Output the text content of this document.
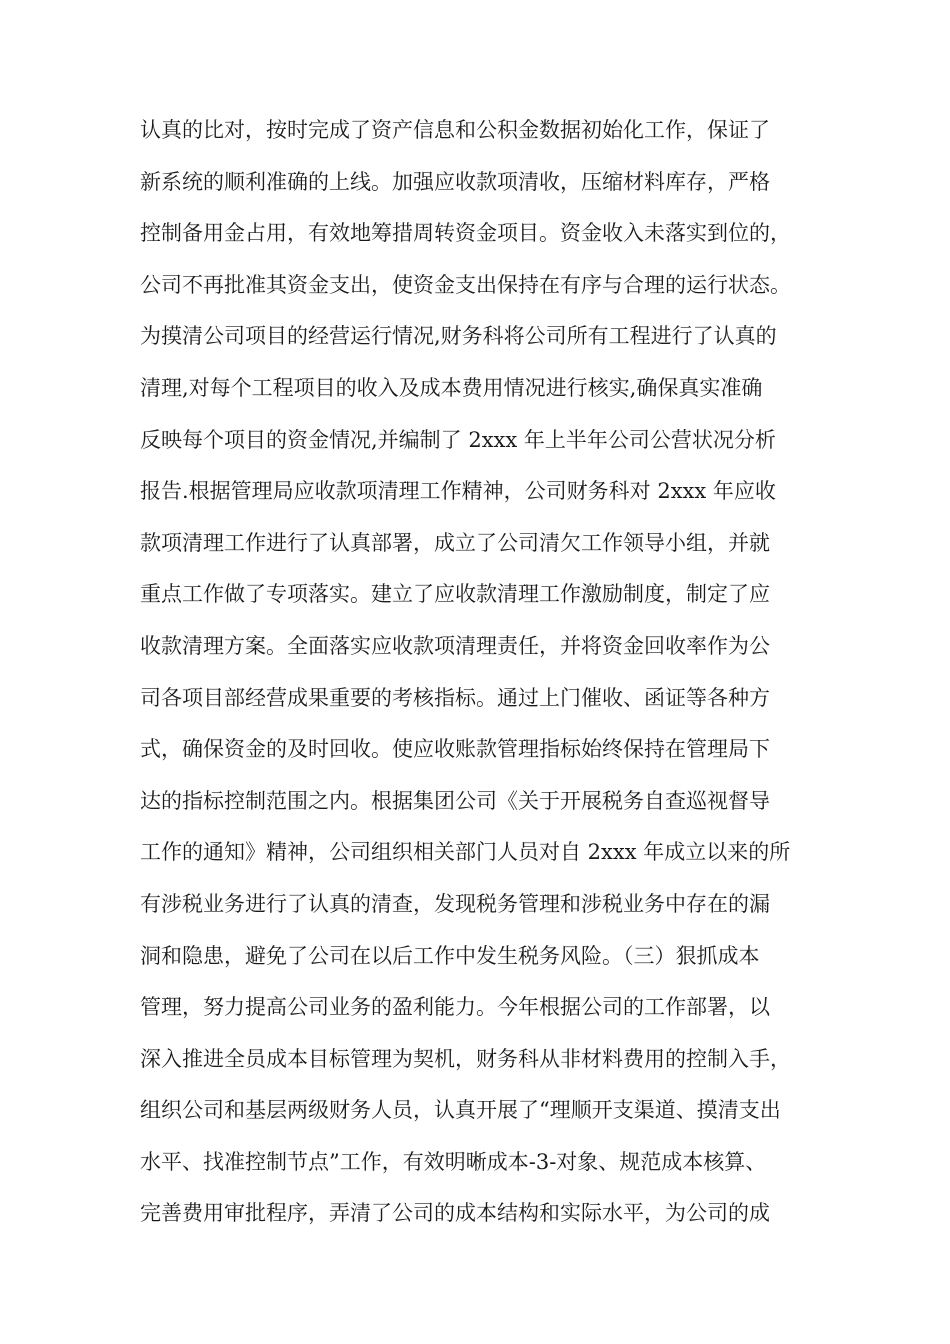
认真的比对，按时完成了资产信息和公积金数据初始化工作，保证了
新系统的顺利准确的上线。加强应收款项清收，压缩材料库存，严格
控制备用金占用，有效地筹措周转资金项目。资金收入未落实到位的，
公司不再批准其资金支出，使资金支出保持在有序与合理的运行状态。
为摸清公司项目的经营运行情况,财务科将公司所有工程进行了认真的
清理,对每个工程项目的收入及成本费用情况进行核实,确保真实准确
反映每个项目的资金情况,并编制了 2xxx 年上半年公司公营状况分析
报告.根据管理局应收款项清理工作精神，公司财务科对 2xxx 年应收
款项清理工作进行了认真部署，成立了公司清欠工作领导小组，并就
重点工作做了专项落实。建立了应收款清理工作激励制度，制定了应
收款清理方案。全面落实应收款项清理责任，并将资金回收率作为公
司各项目部经营成果重要的考核指标。通过上门催收、函证等各种方
式，确保资金的及时回收。使应收账款管理指标始终保持在管理局下
达的指标控制范围之内。根据集团公司《关于开展税务自查巡视督导
工作的通知》精神，公司组织相关部门人员对自 2xxx 年成立以来的所
有涉税业务进行了认真的清查，发现税务管理和涉税业务中存在的漏
洞和隐患，避免了公司在以后工作中发生税务风险。（三）狠抓成本
管理，努力提高公司业务的盈利能力。今年根据公司的工作部署，以
深入推进全员成本目标管理为契机，财务科从非材料费用的控制入手，
组织公司和基层两级财务人员，认真开展了“理顺开支渠道、摸清支出
水平、找准控制节点”工作，有效明晰成本-3-对象、规范成本核算、
完善费用审批程序，弄清了公司的成本结构和实际水平，为公司的成
